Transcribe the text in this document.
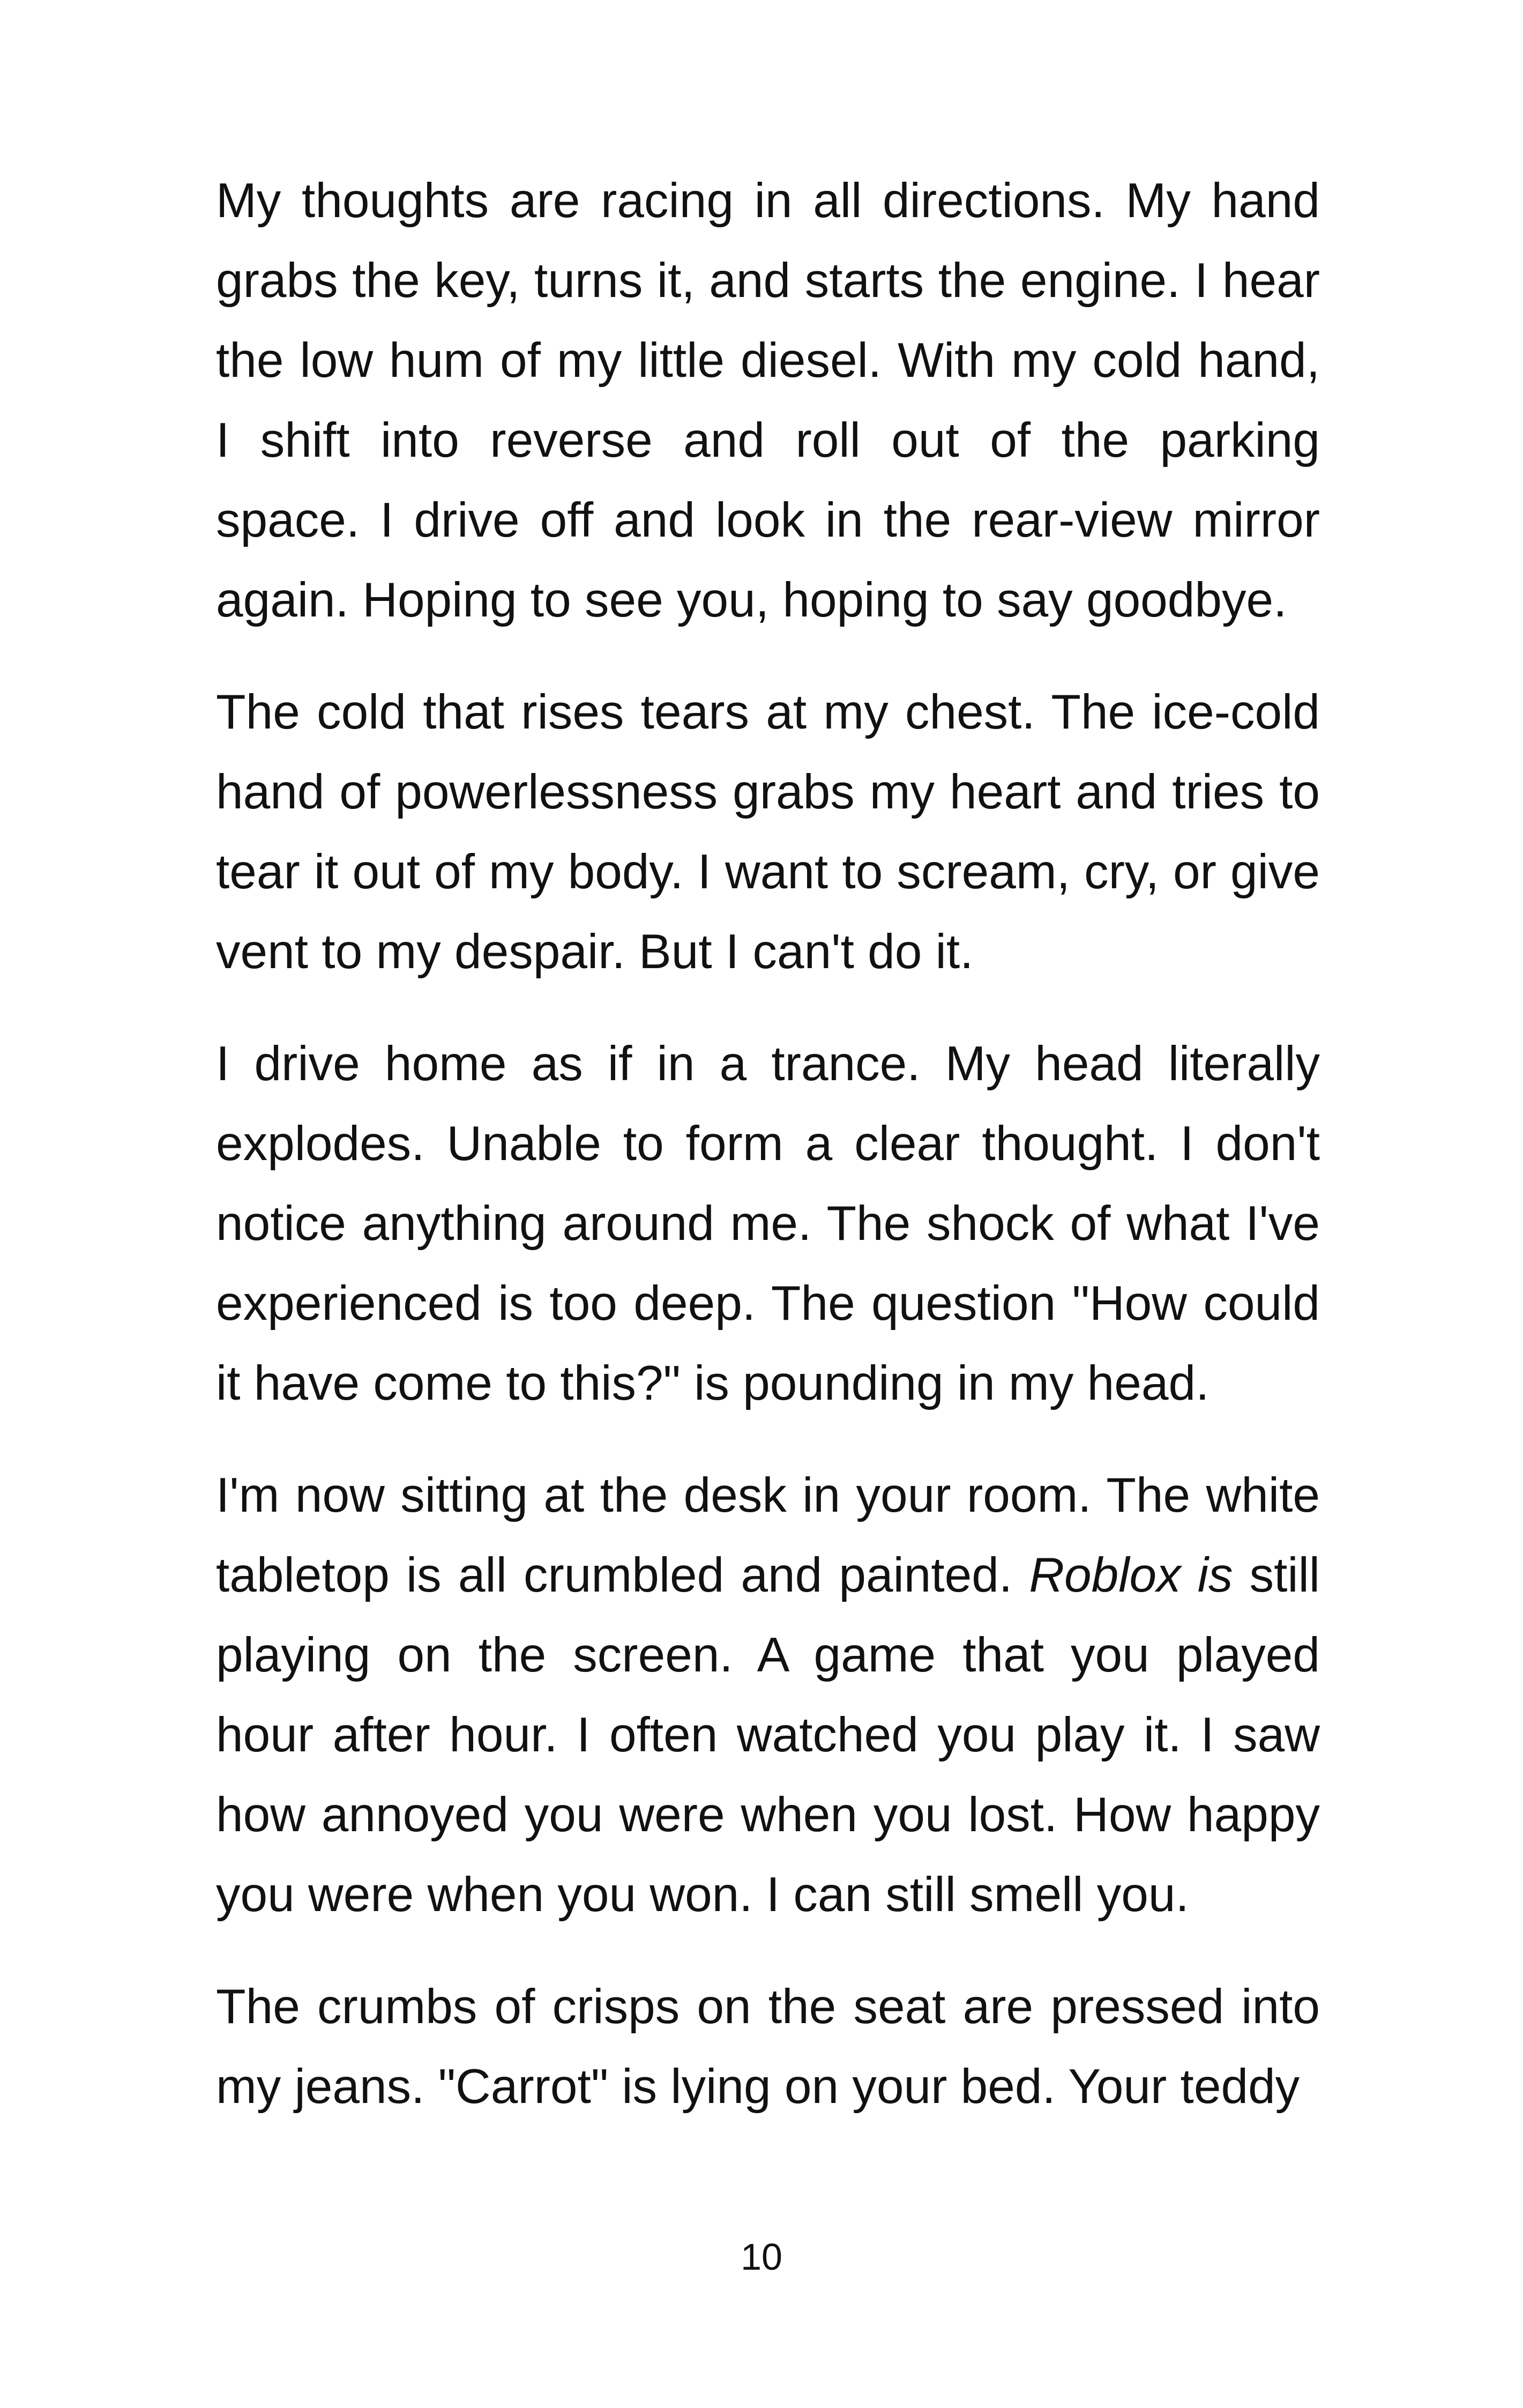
My thoughts are racing in all directions. My hand grabs the key, turns it, and starts the engine. I hear the low hum of my little diesel. With my cold hand, I shift into reverse and roll out of the parking space. I drive off and look in the rear-view mirror again. Hoping to see you, hoping to say goodbye.

The cold that rises tears at my chest. The ice-cold hand of powerlessness grabs my heart and tries to tear it out of my body. I want to scream, cry, or give vent to my despair. But I can't do it.

I drive home as if in a trance. My head literally explodes. Unable to form a clear thought. I don't notice anything around me. The shock of what I've experienced is too deep. The question "How could it have come to this?" is pounding in my head.

I'm now sitting at the desk in your room. The white tabletop is all crumbled and painted. Roblox is still playing on the screen. A game that you played hour after hour. I often watched you play it. I saw how annoyed you were when you lost. How happy you were when you won. I can still smell you.

The crumbs of crisps on the seat are pressed into my jeans. "Carrot" is lying on your bed. Your teddy

10
